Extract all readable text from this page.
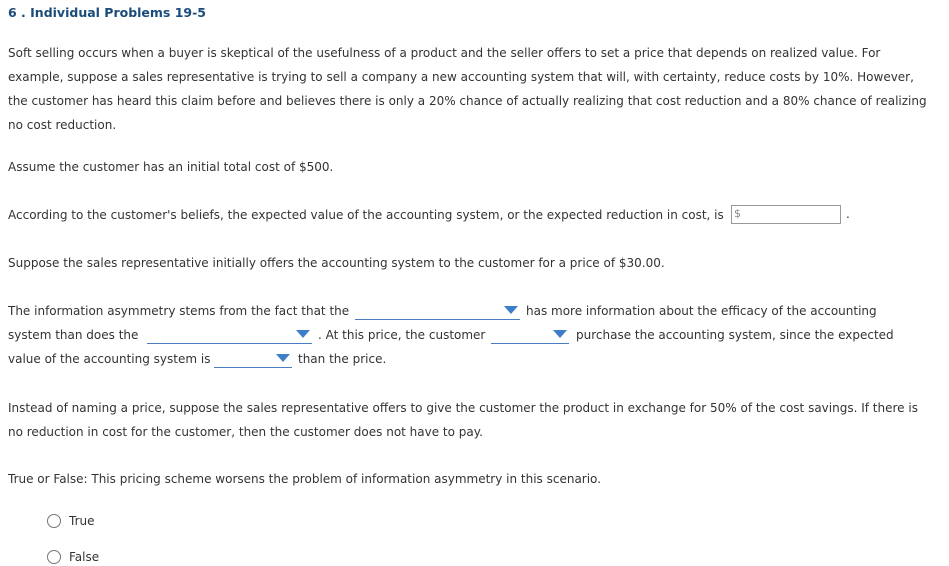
6 . Individual Problems 19-5

Soft selling occurs when a buyer is skeptical of the usefulness of a product and the seller offers to set a price that depends on realized value. For example, suppose a sales representative is trying to sell a company a new accounting system that will, with certainty, reduce costs by 10%. However, the customer has heard this claim before and believes there is only a 20% chance of actually realizing that cost reduction and a 80% chance of realizing no cost reduction.

Assume the customer has an initial total cost of $500.
According to the customer's beliefs, the expected value of the accounting system, or the expected reduction in cost, is $	.
Suppose the sales representative initially offers the accounting system to the customer for a price of $30.00.
The information asymmetry stems from the fact that the	has more information about the efficacy of the accounting
system than does the	. At this price, the customer	purchase the accounting system, since the expected
value of the accounting system is	than the price.

Instead of naming a price, suppose the sales representative offers to give the customer the product in exchange for 50% of the cost savings. If there is no reduction in cost for the customer, then the customer does not have to pay.

True or False: This pricing scheme worsens the problem of information asymmetry in this scenario.
True
False
